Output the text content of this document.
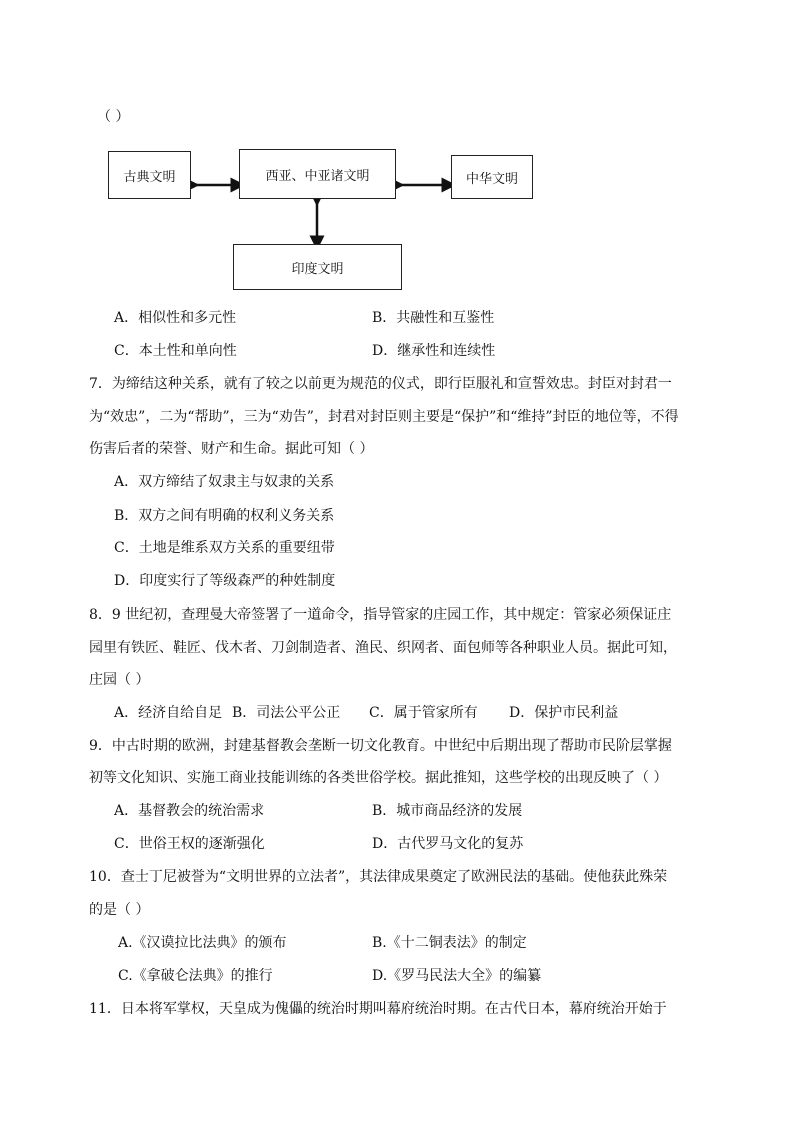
（ ）
古典文明	西亚、中亚诸文明	中华文明
印度文明
A．相似性和多元性	B．共融性和互鉴性
C．本土性和单向性	D．继承性和连续性
7．为缔结这种关系，就有了较之以前更为规范的仪式，即行臣服礼和宣誓效忠。封臣对封君一
为“效忠”，二为“帮助”，三为“劝告”，封君对封臣则主要是“保护”和“维持”封臣的地位等，不得
伤害后者的荣誉、财产和生命。据此可知（ ）
A．双方缔结了奴隶主与奴隶的关系
B．双方之间有明确的权利义务关系
C．土地是维系双方关系的重要纽带
D．印度实行了等级森严的种姓制度
8．9 世纪初，查理曼大帝签署了一道命令，指导管家的庄园工作，其中规定：管家必须保证庄
园里有铁匠、鞋匠、伐木者、刀剑制造者、渔民、织网者、面包师等各种职业人员。据此可知，
庄园（ ）
A．经济自给自足 B．司法公平公正 C．属于管家所有 D．保护市民利益
9．中古时期的欧洲，封建基督教会垄断一切文化教育。中世纪中后期出现了帮助市民阶层掌握
初等文化知识、实施工商业技能训练的各类世俗学校。据此推知，这些学校的出现反映了（ ）
A．基督教会的统治需求	B．城市商品经济的发展
C．世俗王权的逐渐强化	D．古代罗马文化的复苏
10．查士丁尼被誉为“文明世界的立法者”，其法律成果奠定了欧洲民法的基础。使他获此殊荣
的是（ ）
A.《汉谟拉比法典》的颁布	B.《十二铜表法》的制定
C.《拿破仑法典》的推行	D.《罗马民法大全》的编纂
11．日本将军掌权，天皇成为傀儡的统治时期叫幕府统治时期。在古代日本，幕府统治开始于
